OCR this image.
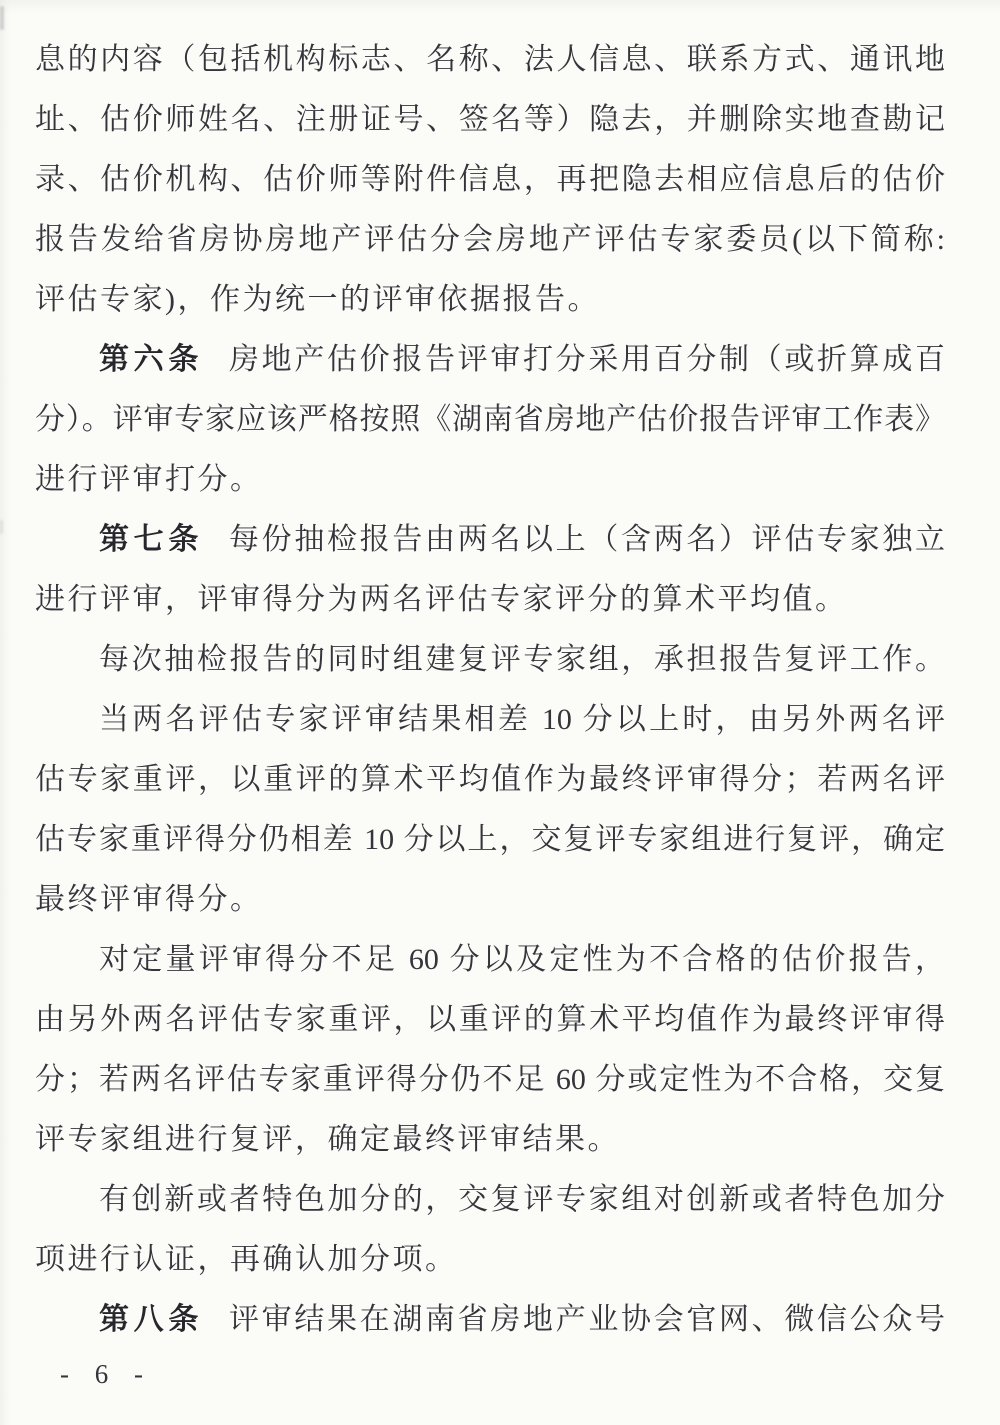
息的内容（包括机构标志、名称、法人信息、联系方式、通讯地
址、估价师姓名、注册证号、签名等）隐去，并删除实地查勘记
录、估价机构、估价师等附件信息，再把隐去相应信息后的估价
报告发给省房协房地产评估分会房地产评估专家委员(以下简称:
评估专家)，作为统一的评审依据报告。
第六条 房地产估价报告评审打分采用百分制（或折算成百
分）。评审专家应该严格按照《湖南省房地产估价报告评审工作表》
进行评审打分。
第七条 每份抽检报告由两名以上（含两名）评估专家独立
进行评审，评审得分为两名评估专家评分的算术平均值。
每次抽检报告的同时组建复评专家组，承担报告复评工作。
当两名评估专家评审结果相差 10 分以上时，由另外两名评
估专家重评，以重评的算术平均值作为最终评审得分；若两名评
估专家重评得分仍相差 10 分以上，交复评专家组进行复评，确定
最终评审得分。
对定量评审得分不足 60 分以及定性为不合格的估价报告，
由另外两名评估专家重评，以重评的算术平均值作为最终评审得
分；若两名评估专家重评得分仍不足 60 分或定性为不合格，交复
评专家组进行复评，确定最终评审结果。
有创新或者特色加分的，交复评专家组对创新或者特色加分
项进行认证，再确认加分项。
第八条 评审结果在湖南省房地产业协会官网、微信公众号
- 6 -
